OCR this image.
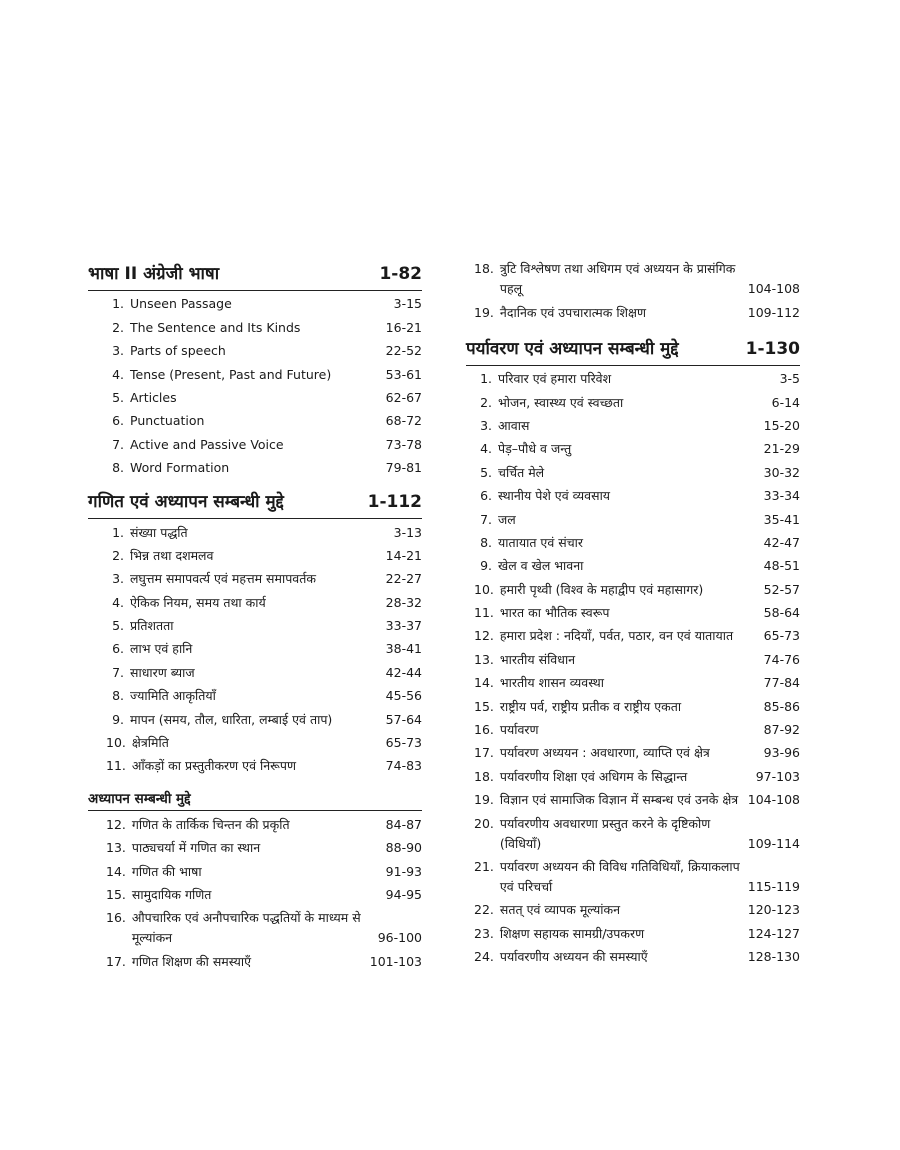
भाषा II अंग्रेजी भाषा	1-82
1. Unseen Passage	3-15
2. The Sentence and Its Kinds	16-21
3. Parts of speech	22-52
4. Tense (Present, Past and Future)	53-61
5. Articles	62-67
6. Punctuation	68-72
7. Active and Passive Voice	73-78
8. Word Formation	79-81
गणित एवं अध्यापन सम्बन्धी मुद्दे	1-112
1. संख्या पद्धति	3-13
2. भिन्न तथा दशमलव	14-21
3. लघुत्तम समापवर्त्य एवं महत्तम समापवर्तक	22-27
4. ऐकिक नियम, समय तथा कार्य	28-32
5. प्रतिशतता	33-37
6. लाभ एवं हानि	38-41
7. साधारण ब्याज	42-44
8. ज्यामिति आकृतियाँ	45-56
9. मापन (समय, तौल, धारिता, लम्बाई एवं ताप)	57-64
10. क्षेत्रमिति	65-73
11. आँकड़ों का प्रस्तुतीकरण एवं निरूपण	74-83
अध्यापन सम्बन्धी मुद्दे
12. गणित के तार्किक चिन्तन की प्रकृति	84-87
13. पाठ्यचर्या में गणित का स्थान	88-90
14. गणित की भाषा	91-93
15. सामुदायिक गणित	94-95
16. औपचारिक एवं अनौपचारिक पद्धतियों के माध्यम से मूल्यांकन	96-100
17. गणित शिक्षण की समस्याएँ	101-103
18. त्रुटि विश्लेषण तथा अधिगम एवं अध्ययन के प्रासंगिक पहलू	104-108
19. नैदानिक एवं उपचारात्मक शिक्षण	109-112
पर्यावरण एवं अध्यापन सम्बन्धी मुद्दे	1-130
1. परिवार एवं हमारा परिवेश	3-5
2. भोजन, स्वास्थ्य एवं स्वच्छता	6-14
3. आवास	15-20
4. पेड़–पौधे व जन्तु	21-29
5. चर्चित मेले	30-32
6. स्थानीय पेशे एवं व्यवसाय	33-34
7. जल	35-41
8. यातायात एवं संचार	42-47
9. खेल व खेल भावना	48-51
10. हमारी पृथ्वी (विश्व के महाद्वीप एवं महासागर)	52-57
11. भारत का भौतिक स्वरूप	58-64
12. हमारा प्रदेश : नदियाँ, पर्वत, पठार, वन एवं यातायात	65-73
13. भारतीय संविधान	74-76
14. भारतीय शासन व्यवस्था	77-84
15. राष्ट्रीय पर्व, राष्ट्रीय प्रतीक व राष्ट्रीय एकता	85-86
16. पर्यावरण	87-92
17. पर्यावरण अध्ययन : अवधारणा, व्याप्ति एवं क्षेत्र	93-96
18. पर्यावरणीय शिक्षा एवं अधिगम के सिद्धान्त	97-103
19. विज्ञान एवं सामाजिक विज्ञान में सम्बन्ध एवं उनके क्षेत्र 104-108
20. पर्यावरणीय अवधारणा प्रस्तुत करने के दृष्टिकोण (विधियाँ)	109-114
21. पर्यावरण अध्ययन की विविध गतिविधियाँ, क्रियाकलाप एवं परिचर्चा	115-119
22. सतत् एवं व्यापक मूल्यांकन	120-123
23. शिक्षण सहायक सामग्री/उपकरण	124-127
24. पर्यावरणीय अध्ययन की समस्याएँ	128-130
